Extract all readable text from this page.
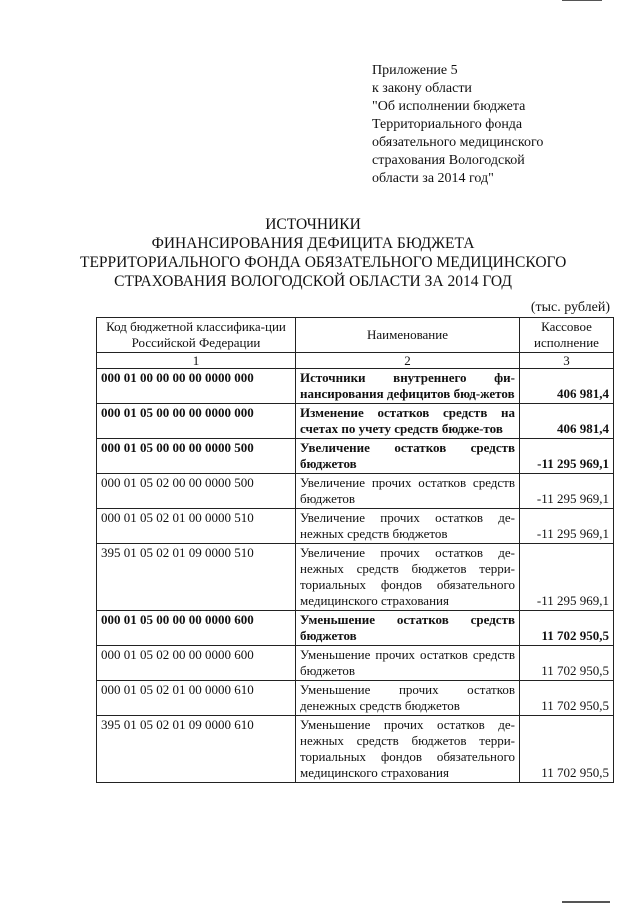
Приложение 5
к закону области
"Об исполнении бюджета
Территориального фонда
обязательного медицинского
страхования Вологодской
области за 2014 год"
ИСТОЧНИКИ
ФИНАНСИРОВАНИЯ ДЕФИЦИТА БЮДЖЕТА
ТЕРРИТОРИАЛЬНОГО ФОНДА ОБЯЗАТЕЛЬНОГО МЕДИЦИНСКОГО
СТРАХОВАНИЯ ВОЛОГОДСКОЙ ОБЛАСТИ ЗА 2014 ГОД
(тыс. рублей)
Код бюджетной классифика-ции Российской Федерации	Наименование	Кассовое исполнение
1	2	3
000 01 00 00 00 00 0000 000	Источники внутреннего фи-нансирования дефицитов бюд-жетов	406 981,4
000 01 05 00 00 00 0000 000	Изменение остатков средств на счетах по учету средств бюдже-тов	406 981,4
000 01 05 00 00 00 0000 500	Увеличение остатков средств бюджетов	-11 295 969,1
000 01 05 02 00 00 0000 500	Увеличение прочих остатков средств бюджетов	-11 295 969,1
000 01 05 02 01 00 0000 510	Увеличение прочих остатков де-нежных средств бюджетов	-11 295 969,1
395 01 05 02 01 09 0000 510	Увеличение прочих остатков де-нежных средств бюджетов терри-ториальных фондов обязательного медицинского страхования	-11 295 969,1
000 01 05 00 00 00 0000 600	Уменьшение остатков средств бюджетов	11 702 950,5
000 01 05 02 00 00 0000 600	Уменьшение прочих остатков средств бюджетов	11 702 950,5
000 01 05 02 01 00 0000 610	Уменьшение прочих остатков денежных средств бюджетов	11 702 950,5
395 01 05 02 01 09 0000 610	Уменьшение прочих остатков де-нежных средств бюджетов терри-ториальных фондов обязательного медицинского страхования	11 702 950,5
